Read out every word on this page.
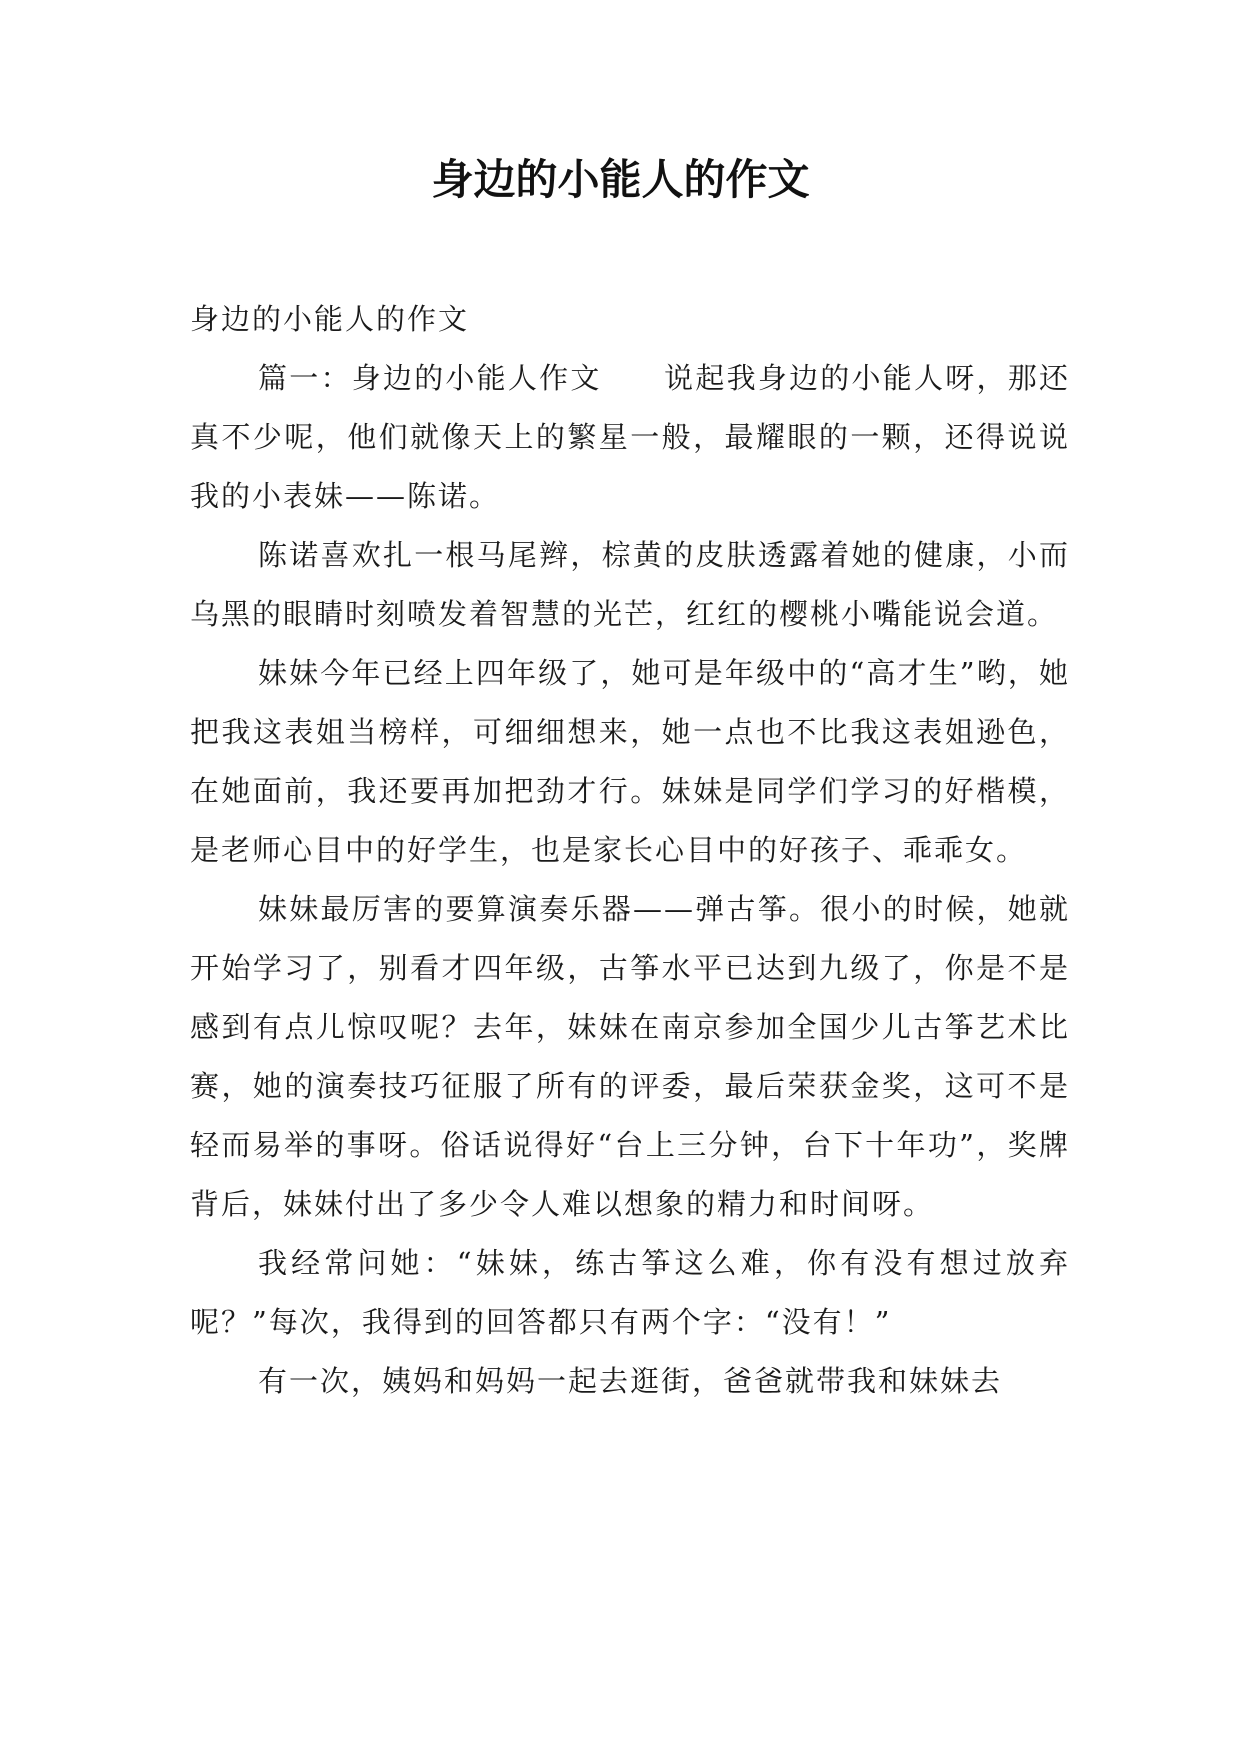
身边的小能人的作文

身边的小能人的作文

篇一：身边的小能人作文　　说起我身边的小能人呀，那还真不少呢，他们就像天上的繁星一般，最耀眼的一颗，还得说说我的小表妹——陈诺。

陈诺喜欢扎一根马尾辫，棕黄的皮肤透露着她的健康，小而乌黑的眼睛时刻喷发着智慧的光芒，红红的樱桃小嘴能说会道。

妹妹今年已经上四年级了，她可是年级中的“高才生”哟，她把我这表姐当榜样，可细细想来，她一点也不比我这表姐逊色，在她面前，我还要再加把劲才行。妹妹是同学们学习的好楷模，是老师心目中的好学生，也是家长心目中的好孩子、乖乖女。

妹妹最厉害的要算演奏乐器——弹古筝。很小的时候，她就开始学习了，别看才四年级，古筝水平已达到九级了，你是不是感到有点儿惊叹呢？去年，妹妹在南京参加全国少儿古筝艺术比赛，她的演奏技巧征服了所有的评委，最后荣获金奖，这可不是轻而易举的事呀。俗话说得好“台上三分钟，台下十年功”，奖牌背后，妹妹付出了多少令人难以想象的精力和时间呀。

我经常问她：“妹妹，练古筝这么难，你有没有想过放弃呢？”每次，我得到的回答都只有两个字：“没有！”

有一次，姨妈和妈妈一起去逛街，爸爸就带我和妹妹去
